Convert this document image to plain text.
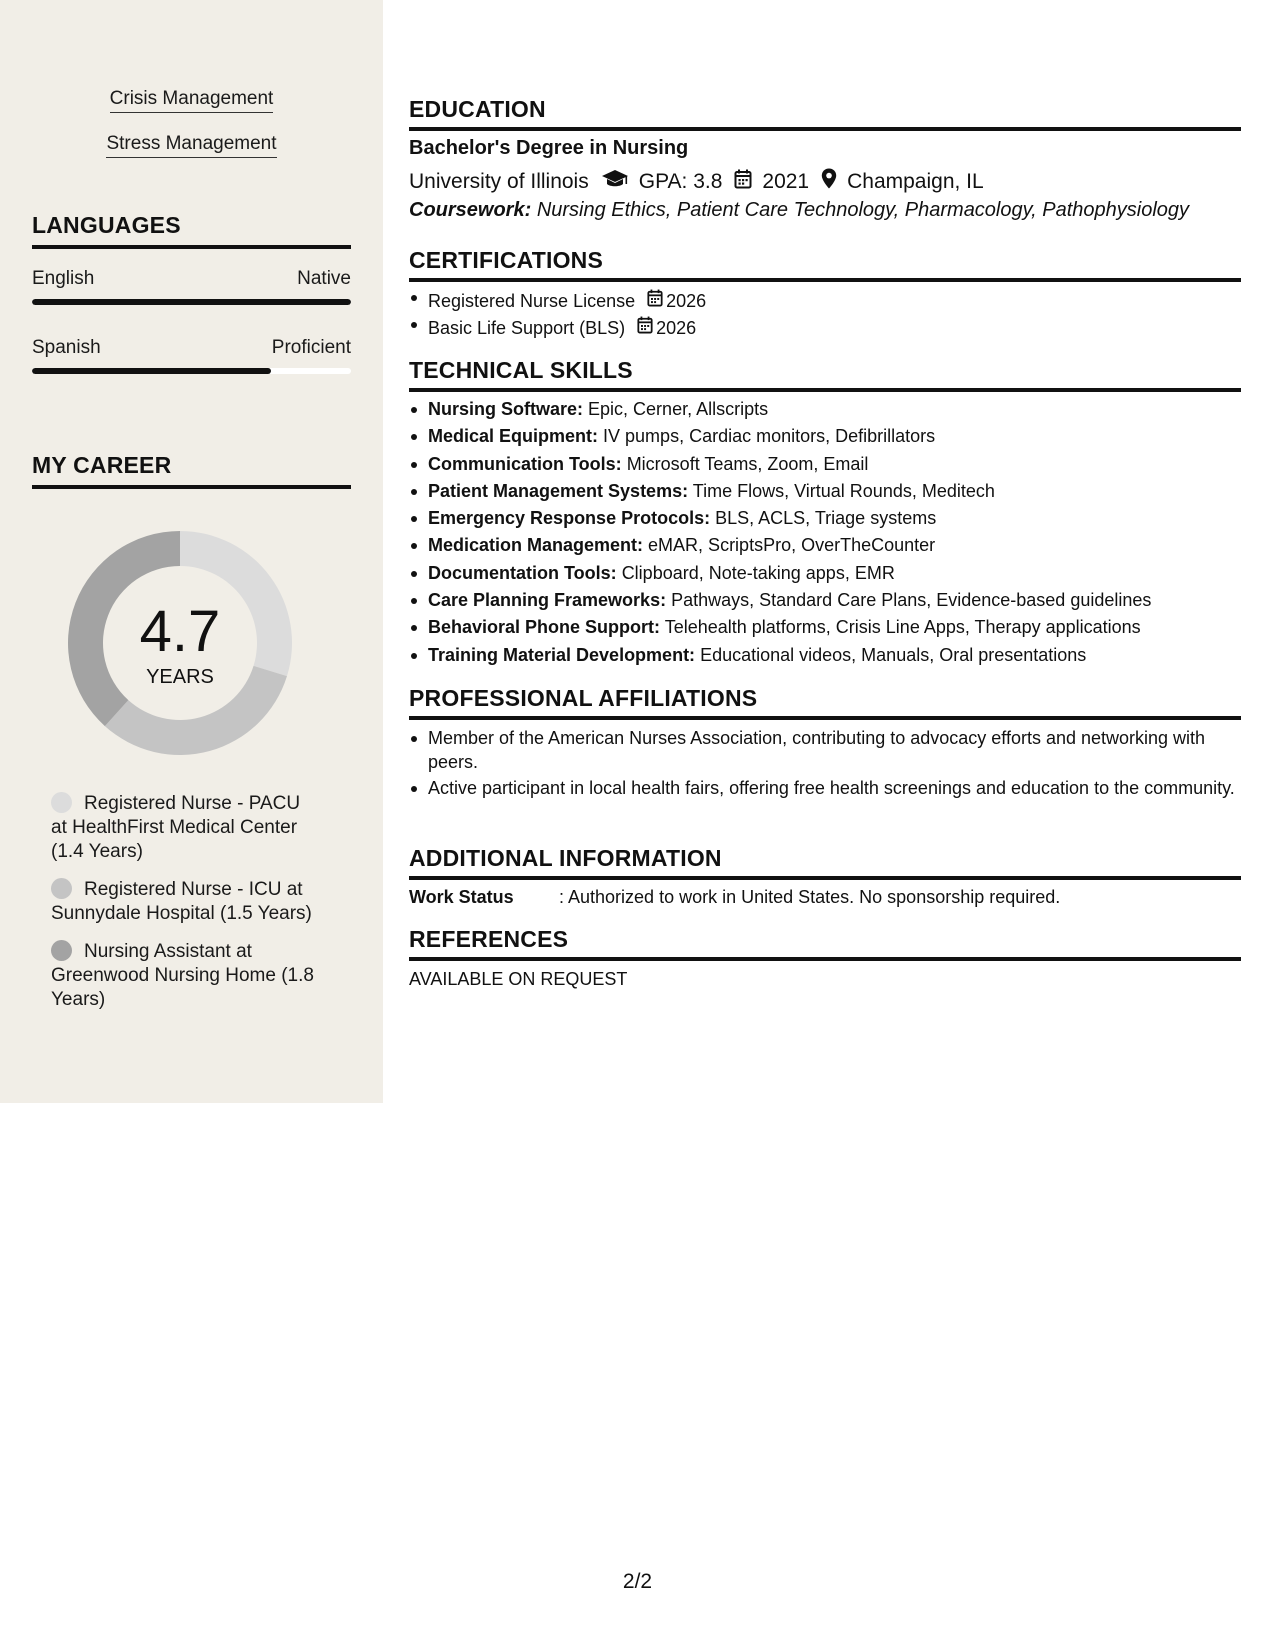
Crisis Management
Stress Management
LANGUAGES
English	Native
Spanish	Proficient
MY CAREER
4.7
YEARS
Registered Nurse - PACU at HealthFirst Medical Center (1.4 Years)
Registered Nurse - ICU at Sunnydale Hospital (1.5 Years)
Nursing Assistant at Greenwood Nursing Home (1.8 Years)
EDUCATION
Bachelor's Degree in Nursing
University of Illinois GPA: 3.8 2021 Champaign, IL
Coursework: Nursing Ethics, Patient Care Technology, Pharmacology, Pathophysiology
CERTIFICATIONS
Registered Nurse License 2026
Basic Life Support (BLS) 2026
TECHNICAL SKILLS
Nursing Software: Epic, Cerner, Allscripts
Medical Equipment: IV pumps, Cardiac monitors, Defibrillators
Communication Tools: Microsoft Teams, Zoom, Email
Patient Management Systems: Time Flows, Virtual Rounds, Meditech
Emergency Response Protocols: BLS, ACLS, Triage systems
Medication Management: eMAR, ScriptsPro, OverTheCounter
Documentation Tools: Clipboard, Note-taking apps, EMR
Care Planning Frameworks: Pathways, Standard Care Plans, Evidence-based guidelines
Behavioral Phone Support: Telehealth platforms, Crisis Line Apps, Therapy applications
Training Material Development: Educational videos, Manuals, Oral presentations
PROFESSIONAL AFFILIATIONS
Member of the American Nurses Association, contributing to advocacy efforts and networking with peers.
Active participant in local health fairs, offering free health screenings and education to the community.
ADDITIONAL INFORMATION
Work Status	: Authorized to work in United States. No sponsorship required.
REFERENCES
AVAILABLE ON REQUEST
2/2
